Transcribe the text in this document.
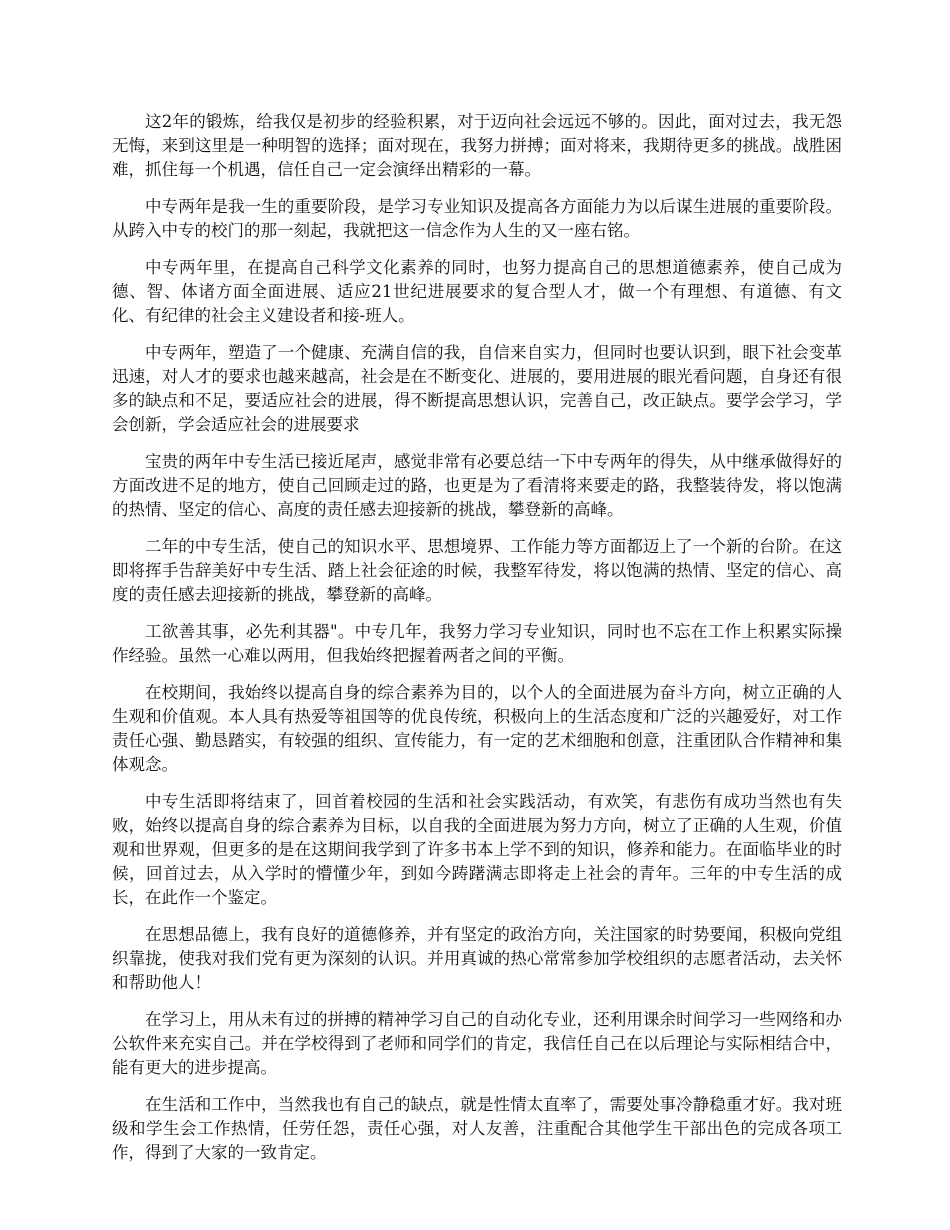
这2年的锻炼，给我仅是初步的经验积累，对于迈向社会远远不够的。因此，面对过去，我无怨无悔，来到这里是一种明智的选择；面对现在，我努力拼搏；面对将来，我期待更多的挑战。战胜困难，抓住每一个机遇，信任自己一定会演绎出精彩的一幕。

中专两年是我一生的重要阶段，是学习专业知识及提高各方面能力为以后谋生进展的重要阶段。从跨入中专的校门的那一刻起，我就把这一信念作为人生的又一座右铭。

中专两年里，在提高自己科学文化素养的同时，也努力提高自己的思想道德素养，使自己成为德、智、体诸方面全面进展、适应21世纪进展要求的复合型人才，做一个有理想、有道德、有文化、有纪律的社会主义建设者和接-班人。

中专两年，塑造了一个健康、充满自信的我，自信来自实力，但同时也要认识到，眼下社会变革迅速，对人才的要求也越来越高，社会是在不断变化、进展的，要用进展的眼光看问题，自身还有很多的缺点和不足，要适应社会的进展，得不断提高思想认识，完善自己，改正缺点。要学会学习，学会创新，学会适应社会的进展要求

宝贵的两年中专生活已接近尾声，感觉非常有必要总结一下中专两年的得失，从中继承做得好的方面改进不足的地方，使自己回顾走过的路，也更是为了看清将来要走的路，我整装待发，将以饱满的热情、坚定的信心、高度的责任感去迎接新的挑战，攀登新的高峰。

二年的中专生活，使自己的知识水平、思想境界、工作能力等方面都迈上了一个新的台阶。在这即将挥手告辞美好中专生活、踏上社会征途的时候，我整军待发，将以饱满的热情、坚定的信心、高度的责任感去迎接新的挑战，攀登新的高峰。

工欲善其事，必先利其器"。中专几年，我努力学习专业知识，同时也不忘在工作上积累实际操作经验。虽然一心难以两用，但我始终把握着两者之间的平衡。

在校期间，我始终以提高自身的综合素养为目的，以个人的全面进展为奋斗方向，树立正确的人生观和价值观。本人具有热爱等祖国等的优良传统，积极向上的生活态度和广泛的兴趣爱好，对工作责任心强、勤恳踏实，有较强的组织、宣传能力，有一定的艺术细胞和创意，注重团队合作精神和集体观念。

中专生活即将结束了，回首着校园的生活和社会实践活动，有欢笑，有悲伤有成功当然也有失败，始终以提高自身的综合素养为目标，以自我的全面进展为努力方向，树立了正确的人生观，价值观和世界观，但更多的是在这期间我学到了许多书本上学不到的知识，修养和能力。在面临毕业的时候，回首过去，从入学时的懵懂少年，到如今踌躇满志即将走上社会的青年。三年的中专生活的成长，在此作一个鉴定。

在思想品德上，我有良好的道德修养，并有坚定的政治方向，关注国家的时势要闻，积极向党组织靠拢，使我对我们党有更为深刻的认识。并用真诚的热心常常参加学校组织的志愿者活动，去关怀和帮助他人！

在学习上，用从未有过的拼搏的精神学习自己的自动化专业，还利用课余时间学习一些网络和办公软件来充实自己。并在学校得到了老师和同学们的肯定，我信任自己在以后理论与实际相结合中，能有更大的进步提高。

在生活和工作中，当然我也有自己的缺点，就是性情太直率了，需要处事冷静稳重才好。我对班级和学生会工作热情，任劳任怨，责任心强，对人友善，注重配合其他学生干部出色的完成各项工作，得到了大家的一致肯定。
